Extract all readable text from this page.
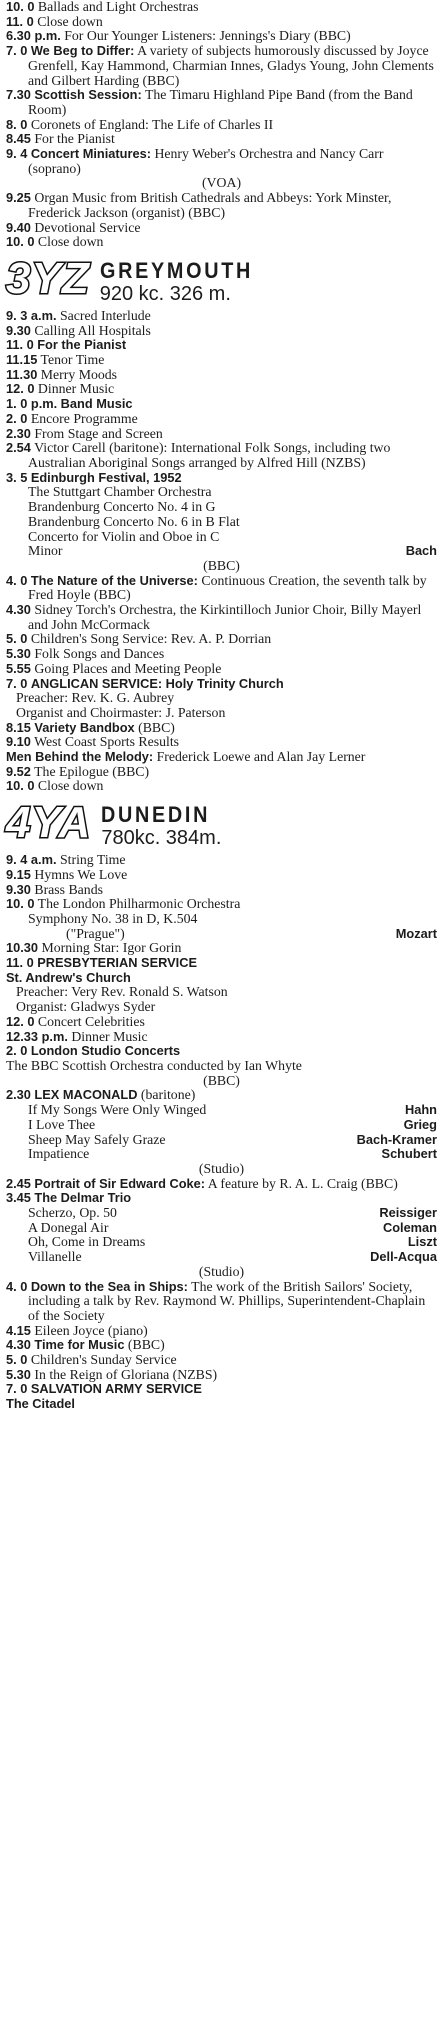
10. 0 Ballads and Light Orchestras

11. 0 Close down

6.30 p.m. For Our Younger Listeners: Jennings's Diary (BBC)

7. 0 We Beg to Differ: A variety of subjects humorously discussed by Joyce Grenfell, Kay Hammond, Charmian Innes, Gladys Young, John Clements and Gilbert Harding (BBC)

7.30 Scottish Session: The Timaru Highland Pipe Band (from the Band Room)

8. 0 Coronets of England: The Life of Charles II

8.45 For the Pianist

9. 4 Concert Miniatures: Henry Weber's Orchestra and Nancy Carr (soprano)

(VOA)

9.25 Organ Music from British Cathedrals and Abbeys: York Minster, Frederick Jackson (organist) (BBC)

9.40 Devotional Service

10. 0 Close down

3YZ GREYMOUTH
920 kc. 326 m.

9. 3 a.m. Sacred Interlude

9.30 Calling All Hospitals

11. 0 For the Pianist

11.15 Tenor Time

11.30 Merry Moods

12. 0 Dinner Music

1. 0 p.m. Band Music

2. 0 Encore Programme

2.30 From Stage and Screen

2.54 Victor Carell (baritone): International Folk Songs, including two Australian Aboriginal Songs arranged by Alfred Hill (NZBS)

3. 5 Edinburgh Festival, 1952

The Stuttgart Chamber Orchestra

Brandenburg Concerto No. 4 in G

Brandenburg Concerto No. 6 in B Flat

Concerto for Violin and Oboe in C

Minor	Bach

(BBC)

4. 0 The Nature of the Universe: Continuous Creation, the seventh talk by Fred Hoyle (BBC)

4.30 Sidney Torch's Orchestra, the Kirkintilloch Junior Choir, Billy Mayerl and John McCormack

5. 0 Children's Song Service: Rev. A. P. Dorrian

5.30 Folk Songs and Dances

5.55 Going Places and Meeting People

7. 0 ANGLICAN SERVICE: Holy Trinity Church

Preacher: Rev. K. G. Aubrey

Organist and Choirmaster: J. Paterson

8.15 Variety Bandbox (BBC)

9.10 West Coast Sports Results

Men Behind the Melody: Frederick Loewe and Alan Jay Lerner

9.52 The Epilogue (BBC)

10. 0 Close down

4YA DUNEDIN
780kc. 384m.

9. 4 a.m. String Time

9.15 Hymns We Love

9.30 Brass Bands

10. 0 The London Philharmonic Orchestra

Symphony No. 38 in D, K.504

("Prague")	Mozart

10.30 Morning Star: Igor Gorin

11. 0 PRESBYTERIAN SERVICE

St. Andrew's Church

Preacher: Very Rev. Ronald S. Watson

Organist: Gladwys Syder

12. 0 Concert Celebrities

12.33 p.m. Dinner Music

2. 0 London Studio Concerts

The BBC Scottish Orchestra conducted by Ian Whyte

(BBC)

2.30 LEX MACONALD (baritone)

If My Songs Were Only Winged	Hahn

I Love Thee	Grieg

Sheep May Safely Graze	Bach-Kramer

Impatience	Schubert

(Studio)

2.45 Portrait of Sir Edward Coke: A feature by R. A. L. Craig (BBC)

3.45 The Delmar Trio

Scherzo, Op. 50	Reissiger

A Donegal Air	Coleman

Oh, Come in Dreams	Liszt

Villanelle	Dell-Acqua

(Studio)

4. 0 Down to the Sea in Ships: The work of the British Sailors' Society, including a talk by Rev. Raymond W. Phillips, Superintendent-Chaplain of the Society

4.15 Eileen Joyce (piano)

4.30 Time for Music (BBC)

5. 0 Children's Sunday Service

5.30 In the Reign of Gloriana (NZBS)

7. 0 SALVATION ARMY SERVICE

The Citadel
